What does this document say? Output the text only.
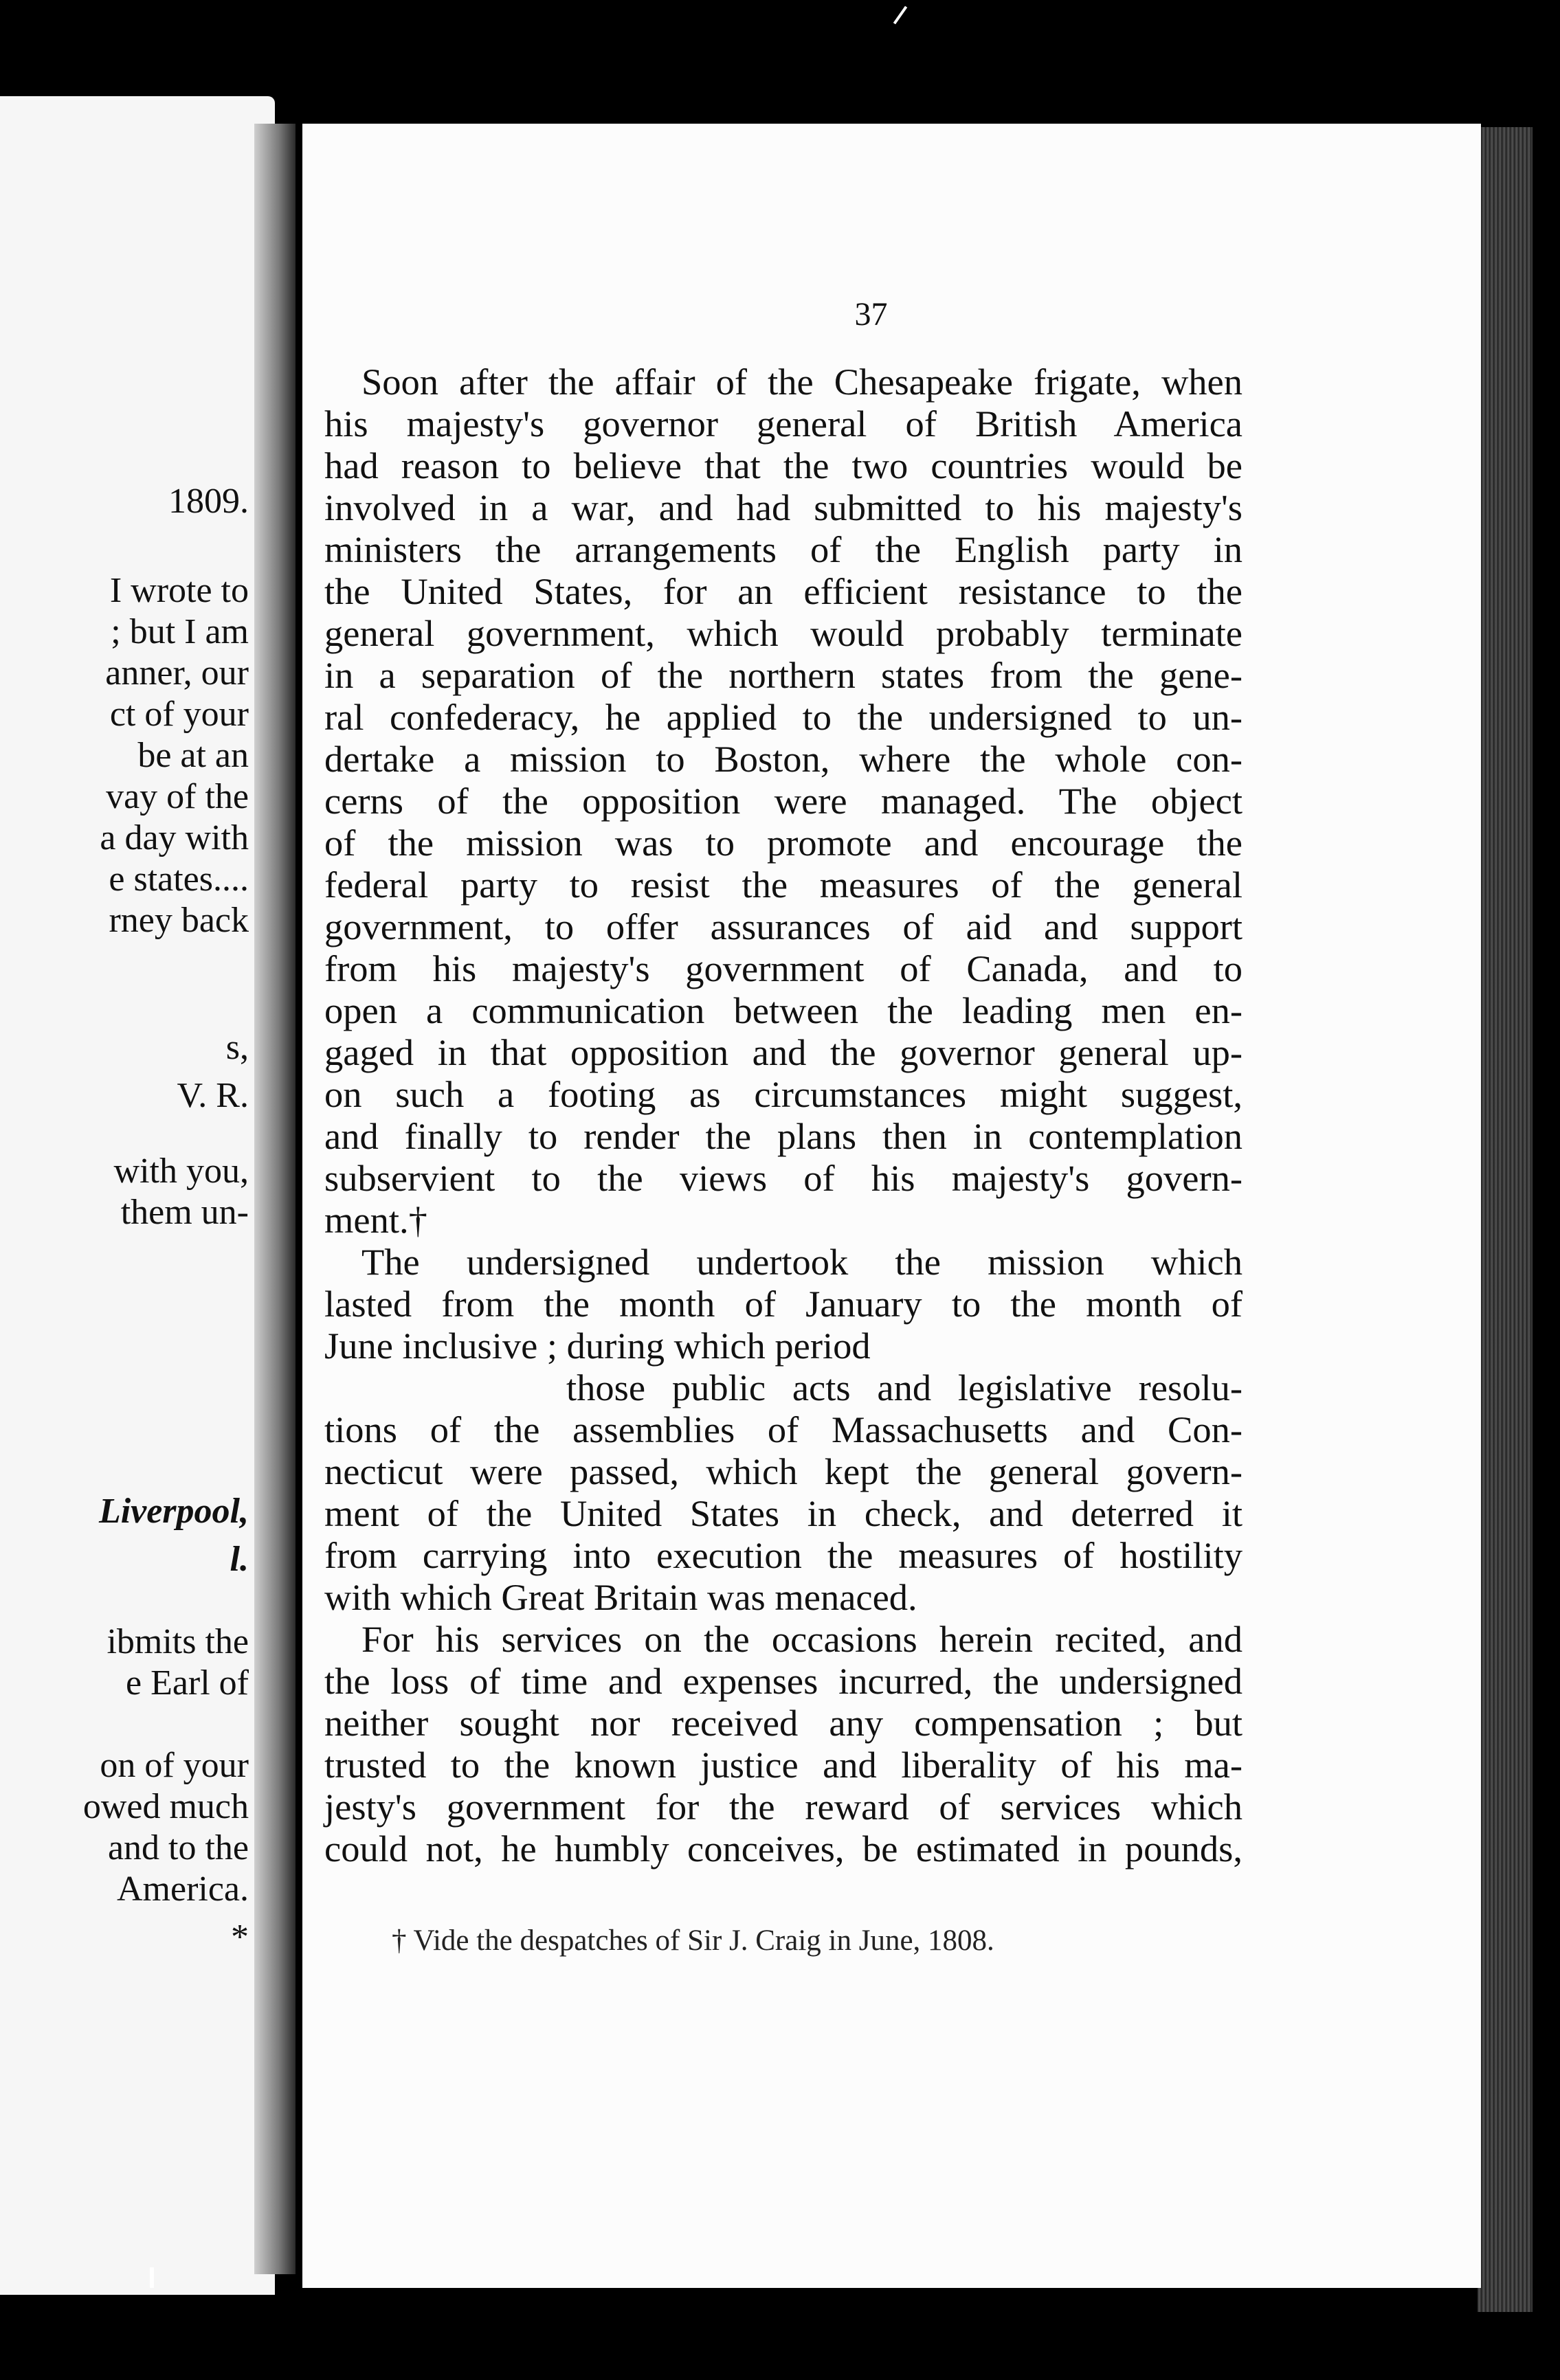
1809.
I wrote to
; but I am
anner, our
ct of your
be at an
vay of the
a day with
e states....
rney back
s,
V. R.
with you,
them un-
Liverpool,
l.
ibmits the
e Earl of
on of your
owed much
and to the
America.
*
37
Soon after the affair of the Chesapeake frigate, when
his majesty's governor general of British America
had reason to believe that the two countries would be
involved in a war, and had submitted to his majesty's
ministers the arrangements of the English party in
the United States, for an efficient resistance to the
general government, which would probably terminate
in a separation of the northern states from the gene-
ral confederacy, he applied to the undersigned to un-
dertake a mission to Boston, where the whole con-
cerns of the opposition were managed. The object
of the mission was to promote and encourage the
federal party to resist the measures of the general
government, to offer assurances of aid and support
from his majesty's government of Canada, and to
open a communication between the leading men en-
gaged in that opposition and the governor general up-
on such a footing as circumstances might suggest,
and finally to render the plans then in contemplation
subservient to the views of his majesty's govern-
ment.†
The undersigned undertook the mission which
lasted from the month of January to the month of
June inclusive ; during which period
those public acts and legislative resolu-
tions of the assemblies of Massachusetts and Con-
necticut were passed, which kept the general govern-
ment of the United States in check, and deterred it
from carrying into execution the measures of hostility
with which Great Britain was menaced.
For his services on the occasions herein recited, and
the loss of time and expenses incurred, the undersigned
neither sought nor received any compensation ; but
trusted to the known justice and liberality of his ma-
jesty's government for the reward of services which
could not, he humbly conceives, be estimated in pounds,
† Vide the despatches of Sir J. Craig in June, 1808.
